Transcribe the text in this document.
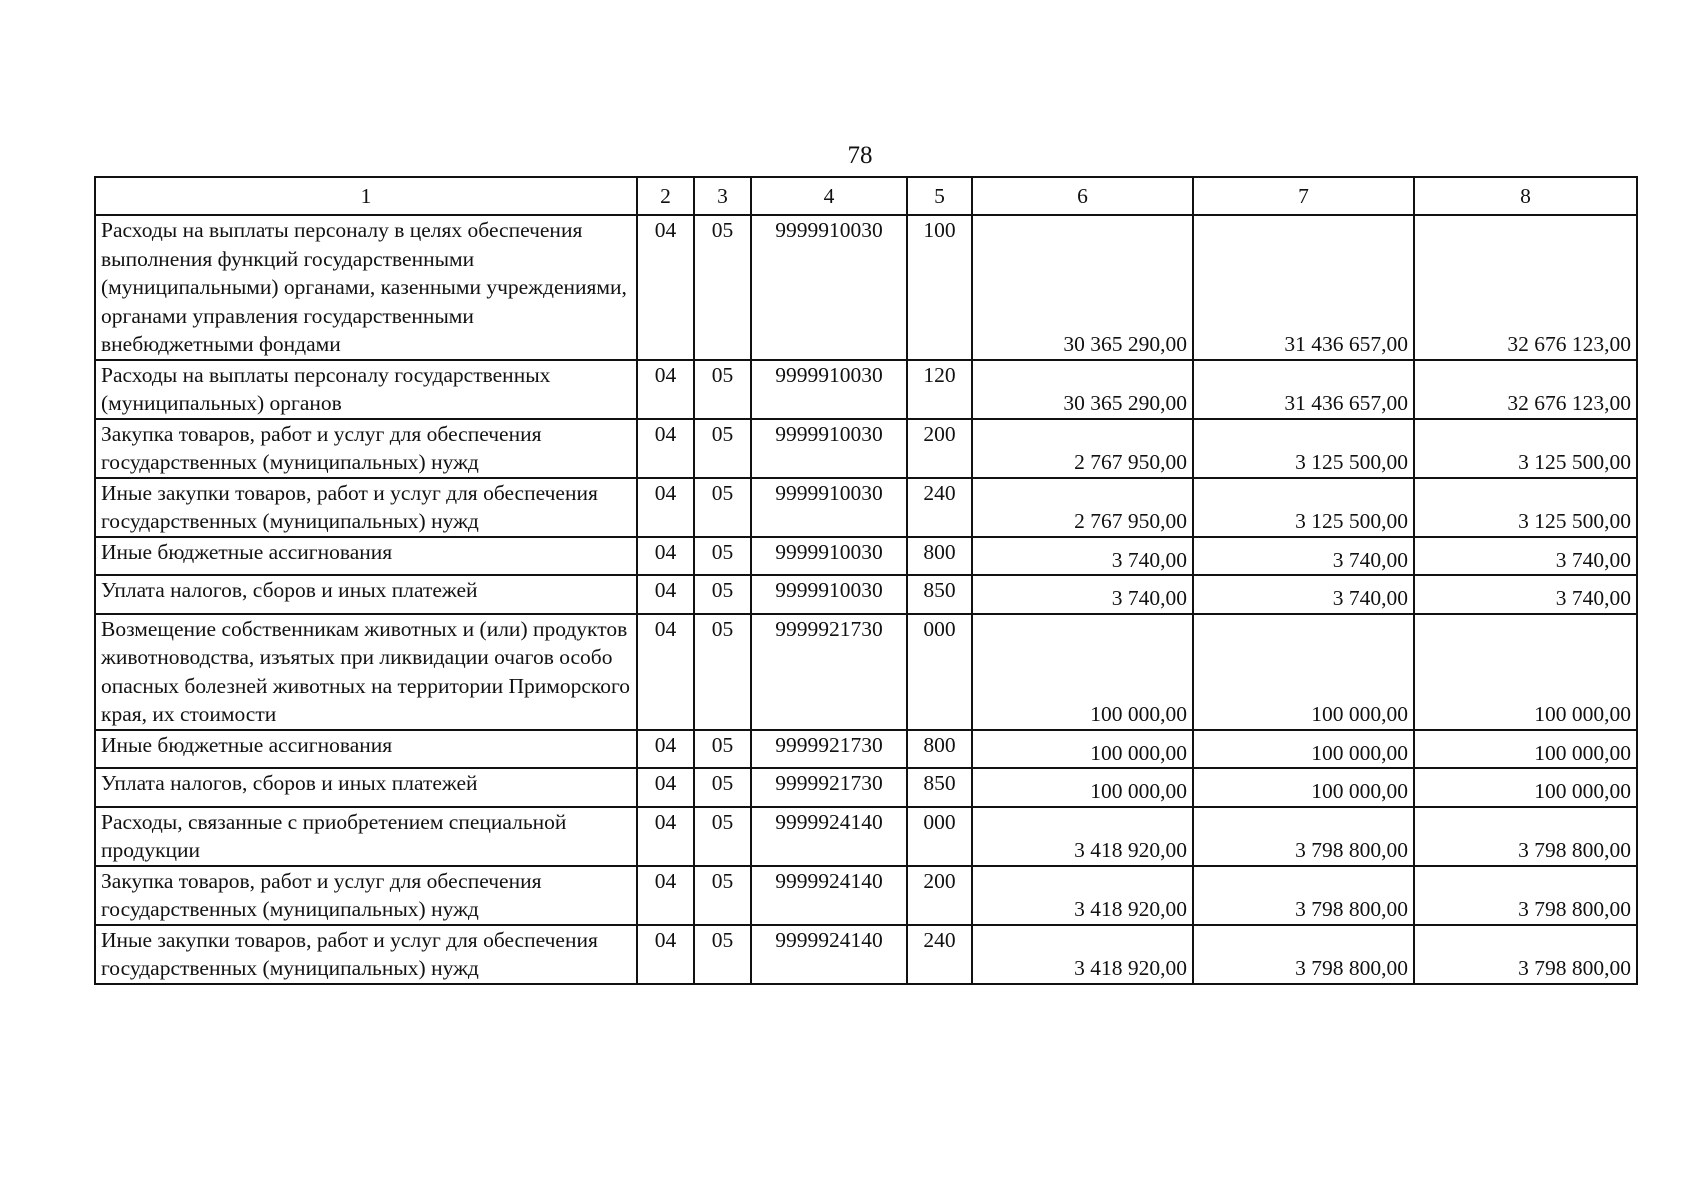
78
1	2	3	4	5	6	7	8
Расходы на выплаты персоналу в целях обеспечения выполнения функций государственными (муниципальными) органами, казенными учреждениями, органами управления государственными внебюджетными фондами	04	05	9999910030	100	30 365 290,00	31 436 657,00	32 676 123,00
Расходы на выплаты персоналу государственных (муниципальных) органов	04	05	9999910030	120	30 365 290,00	31 436 657,00	32 676 123,00
Закупка товаров, работ и услуг для обеспечения государственных (муниципальных) нужд	04	05	9999910030	200	2 767 950,00	3 125 500,00	3 125 500,00
Иные закупки товаров, работ и услуг для обеспечения государственных (муниципальных) нужд	04	05	9999910030	240	2 767 950,00	3 125 500,00	3 125 500,00
Иные бюджетные ассигнования	04	05	9999910030	800	3 740,00	3 740,00	3 740,00
Уплата налогов, сборов и иных платежей	04	05	9999910030	850	3 740,00	3 740,00	3 740,00
Возмещение собственникам животных и (или) продуктов животноводства, изъятых при ликвидации очагов особо опасных болезней животных на территории Приморского края, их стоимости	04	05	9999921730	000	100 000,00	100 000,00	100 000,00
Иные бюджетные ассигнования	04	05	9999921730	800	100 000,00	100 000,00	100 000,00
Уплата налогов, сборов и иных платежей	04	05	9999921730	850	100 000,00	100 000,00	100 000,00
Расходы, связанные с приобретением специальной продукции	04	05	9999924140	000	3 418 920,00	3 798 800,00	3 798 800,00
Закупка товаров, работ и услуг для обеспечения государственных (муниципальных) нужд	04	05	9999924140	200	3 418 920,00	3 798 800,00	3 798 800,00
Иные закупки товаров, работ и услуг для обеспечения государственных (муниципальных) нужд	04	05	9999924140	240	3 418 920,00	3 798 800,00	3 798 800,00
